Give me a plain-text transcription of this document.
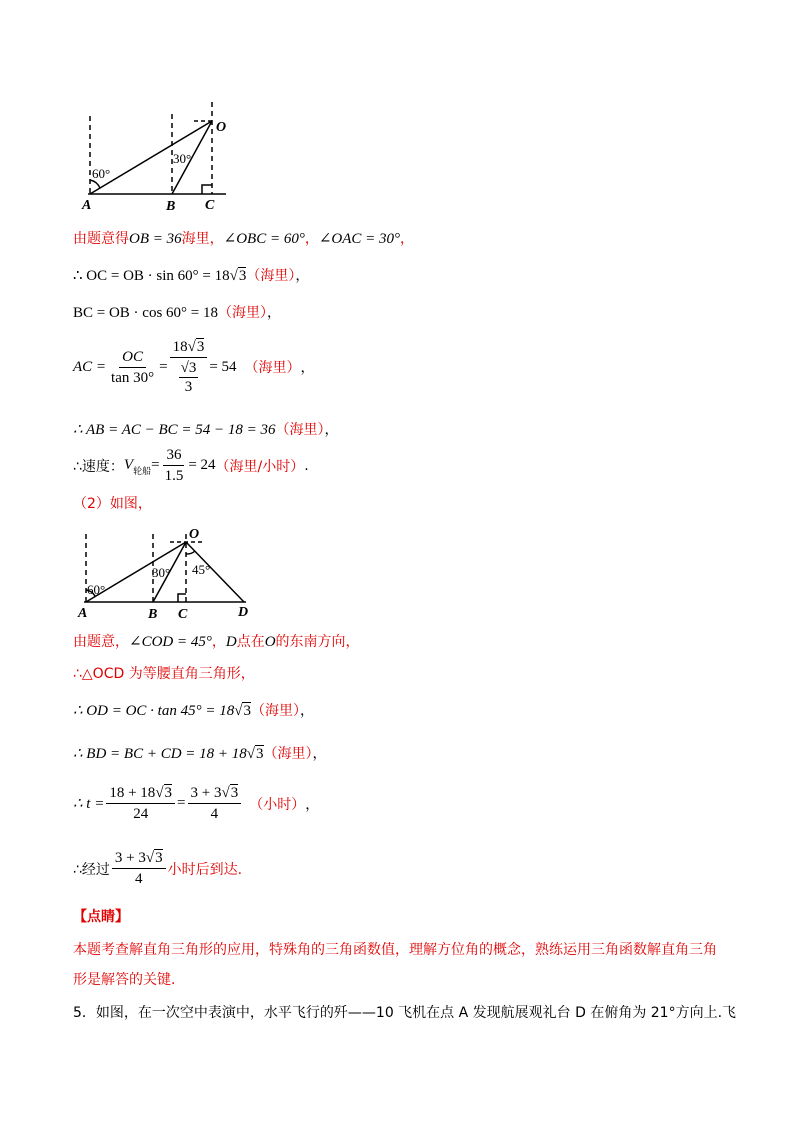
60°
30°
A	B C
O
由题意得OB = 36海里，∠OBC = 60°，∠OAC = 30°，
∴ OC = OB · sin 60° = 18√3（海里），
BC = OB · cos 60° = 18（海里），
AC = $\frac{OC}{\tan 30^\circ} = 18√3$
√3
3 = 54 （海里） ，
∴ AB = AC − BC = 54 − 18 = 36（海里），
∴速度： V 轮船 = $\frac{36}{1.5} = 24$ （海里/小时） .
（2）如图，
60°
30° 45°
A	B C
O
D
由题意，∠COD = 45°，D点在O的东南方向，
∴△OCD 为等腰直角三角形，
∴ OD = OC · tan 45° = 18√3（海里），
∴ BD = BC + CD = 18 + 18√3（海里），
∴ $t = \frac{18 + 18√3}{24} = \frac{3 + 3√3}{4}$ （小时） ，
∴经过 $\frac{3 + 3√3}{4}$ 小时后到达.
【点睛】
本题考查解直角三角形的应用，特殊角的三角函数值，理解方位角的概念，熟练运用三角函数解直角三角
形是解答的关键.
5．如图，在一次空中表演中，水平飞行的歼——10 飞机在点 A 发现航展观礼台 D 在俯角为 21°方向上.飞
